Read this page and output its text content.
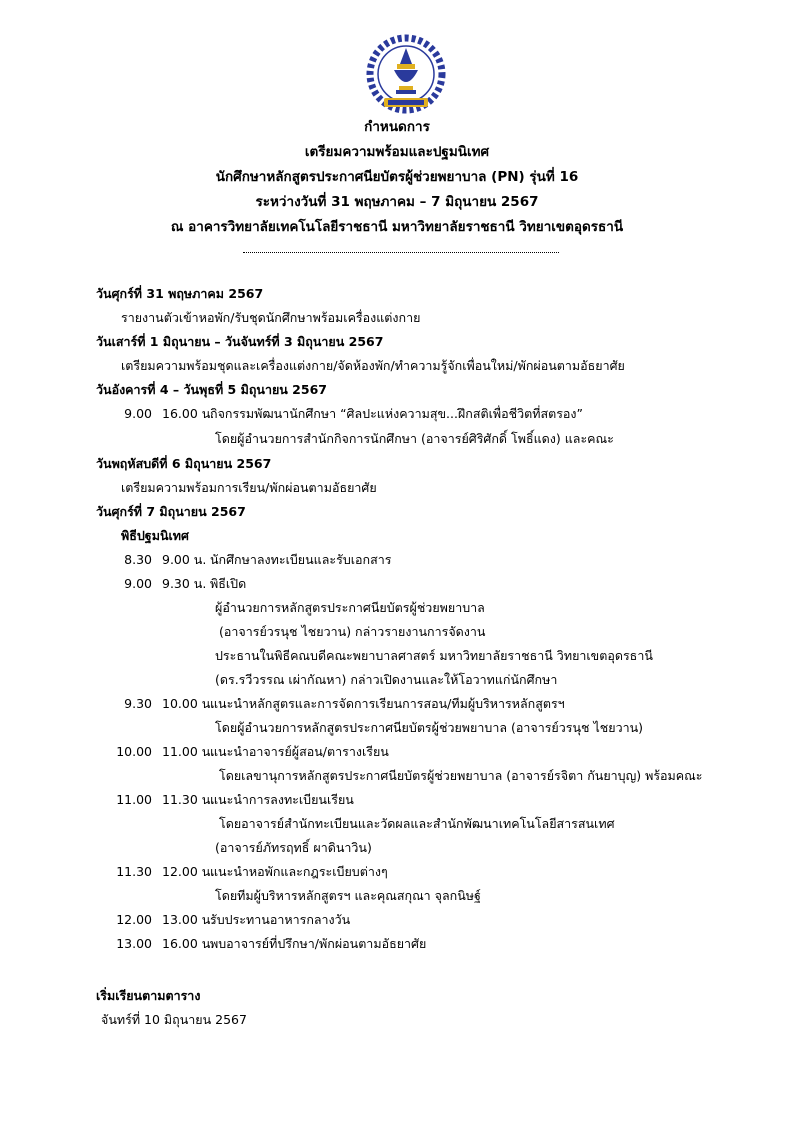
กำหนดการ
เตรียมความพร้อมและปฐมนิเทศ
นักศึกษาหลักสูตรประกาศนียบัตรผู้ช่วยพยาบาล (PN) รุ่นที่ 16
ระหว่างวันที่ 31 พฤษภาคม – 7 มิถุนายน 2567
ณ อาคารวิทยาลัยเทคโนโลยีราชธานี มหาวิทยาลัยราชธานี วิทยาเขตอุดรธานี
วันศุกร์ที่ 31 พฤษภาคม 2567
รายงานตัวเข้าหอพัก/รับชุดนักศึกษาพร้อมเครื่องแต่งกาย
วันเสาร์ที่ 1 มิถุนายน – วันจันทร์ที่ 3 มิถุนายน 2567
เตรียมความพร้อมชุดและเครื่องแต่งกาย/จัดห้องพัก/ทำความรู้จักเพื่อนใหม่/พักผ่อนตามอัธยาศัย
วันอังคารที่ 4 – วันพุธที่ 5 มิถุนายน 2567
9.00 16.00 น.กิจกรรมพัฒนานักศึกษา “ศิลปะแห่งความสุข...ฝึกสติเพื่อชีวิตที่สตรอง”
โดยผู้อำนวยการสำนักกิจการนักศึกษา (อาจารย์ศิริศักดิ์ โพธิ์แดง) และคณะ
วันพฤหัสบดีที่ 6 มิถุนายน 2567
เตรียมความพร้อมการเรียน/พักผ่อนตามอัธยาศัย
วันศุกร์ที่ 7 มิถุนายน 2567
พิธีปฐมนิเทศ
8.30 9.00 น. นักศึกษาลงทะเบียนและรับเอกสาร
9.00 9.30 น. พิธีเปิด
ผู้อำนวยการหลักสูตรประกาศนียบัตรผู้ช่วยพยาบาล
(อาจารย์วรนุช ไชยวาน) กล่าวรายงานการจัดงาน
ประธานในพิธีคณบดีคณะพยาบาลศาสตร์ มหาวิทยาลัยราชธานี วิทยาเขตอุดรธานี
(ดร.รวีวรรณ เผ่ากัณหา) กล่าวเปิดงานและให้โอวาทแก่นักศึกษา
9.30 10.00 น.แนะนำหลักสูตรและการจัดการเรียนการสอน/ทีมผู้บริหารหลักสูตรฯ
โดยผู้อำนวยการหลักสูตรประกาศนียบัตรผู้ช่วยพยาบาล (อาจารย์วรนุช ไชยวาน)
10.00 11.00 น.แนะนำอาจารย์ผู้สอน/ตารางเรียน
โดยเลขานุการหลักสูตรประกาศนียบัตรผู้ช่วยพยาบาล (อาจารย์รจิตา กันยาบุญ) พร้อมคณะ
11.00 11.30 น.แนะนำการลงทะเบียนเรียน
โดยอาจารย์สำนักทะเบียนและวัดผลและสำนักพัฒนาเทคโนโลยีสารสนเทศ
(อาจารย์ภัทรฤทธิ์ ผาดินาวิน)
11.30 12.00 น.แนะนำหอพักและกฎระเบียบต่างๆ
โดยทีมผู้บริหารหลักสูตรฯ และคุณสกุณา จุลกนิษฐ์
12.00 13.00 น.รับประทานอาหารกลางวัน
13.00 16.00 น.พบอาจารย์ที่ปรึกษา/พักผ่อนตามอัธยาศัย
เริ่มเรียนตามตาราง
จันทร์ที่ 10 มิถุนายน 2567
